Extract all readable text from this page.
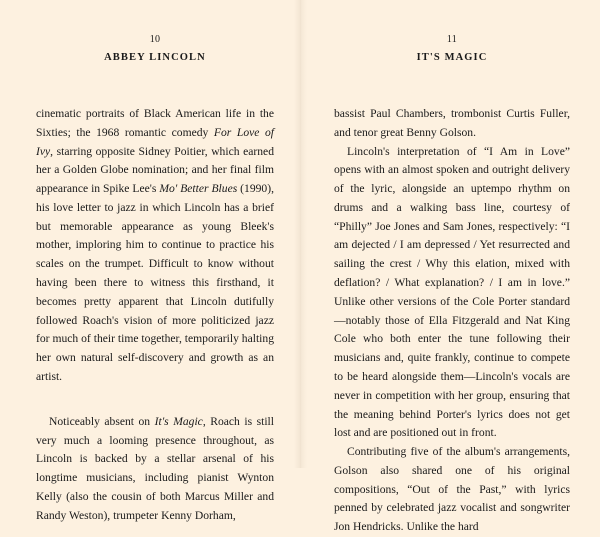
10
ABBEY LINCOLN

cinematic portraits of Black American life in the Sixties; the 1968 romantic comedy For Love of Ivy, starring opposite Sidney Poitier, which earned her a Golden Globe nomination; and her final film appearance in Spike Lee's Mo' Better Blues (1990), his love letter to jazz in which Lincoln has a brief but memorable appearance as young Bleek's mother, imploring him to continue to practice his scales on the trumpet. Difficult to know without having been there to witness this firsthand, it becomes pretty apparent that Lincoln dutifully followed Roach's vision of more politicized jazz for much of their time together, temporarily halting her own natural self-discovery and growth as an artist.

Noticeably absent on It's Magic, Roach is still very much a looming presence throughout, as Lincoln is backed by a stellar arsenal of his longtime musicians, including pianist Wynton Kelly (also the cousin of both Marcus Miller and Randy Weston), trumpeter Kenny Dorham,

11
IT'S MAGIC

bassist Paul Chambers, trombonist Curtis Fuller, and tenor great Benny Golson.

Lincoln's interpretation of “I Am in Love” opens with an almost spoken and outright delivery of the lyric, alongside an uptempo rhythm on drums and a walking bass line, courtesy of “Philly” Joe Jones and Sam Jones, respectively: “I am dejected / I am depressed / Yet resurrected and sailing the crest / Why this elation, mixed with deflation? / What explanation? / I am in love.” Unlike other versions of the Cole Porter standard—notably those of Ella Fitzgerald and Nat King Cole who both enter the tune following their musicians and, quite frankly, continue to compete to be heard alongside them—Lincoln's vocals are never in competition with her group, ensuring that the meaning behind Porter's lyrics does not get lost and are positioned out in front.

Contributing five of the album's arrangements, Golson also shared one of his original compositions, “Out of the Past,” with lyrics penned by celebrated jazz vocalist and songwriter Jon Hendricks. Unlike the hard
